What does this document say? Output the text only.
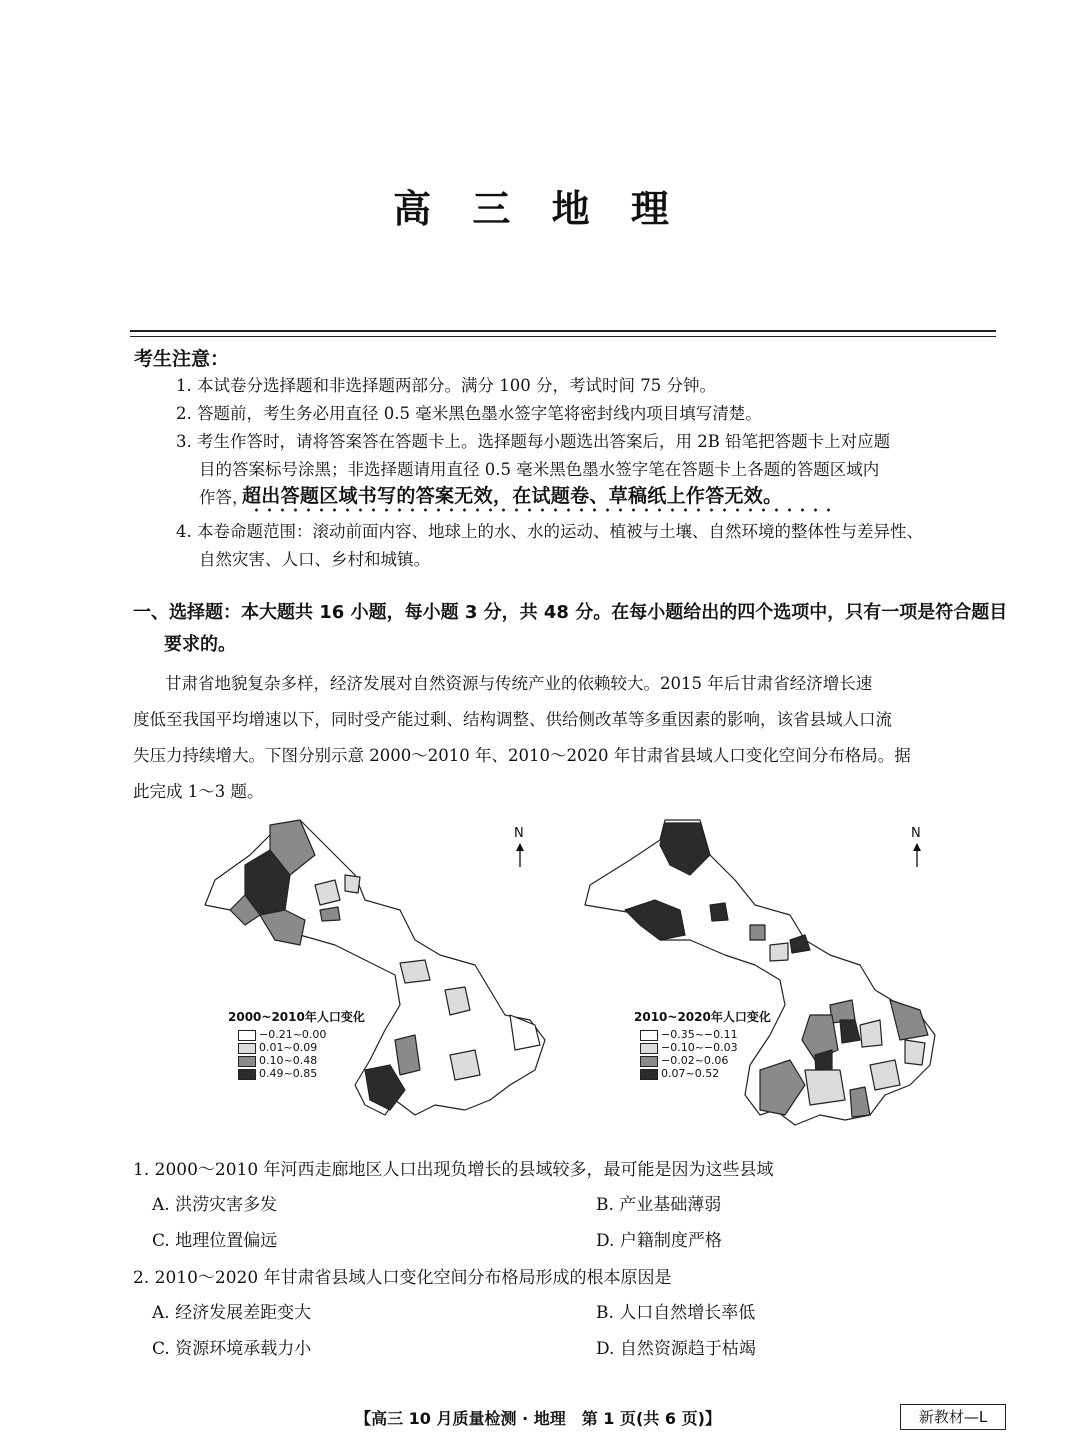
高 三 地 理
考生注意：
1. 本试卷分选择题和非选择题两部分。满分 100 分，考试时间 75 分钟。
2. 答题前，考生务必用直径 0.5 毫米黑色墨水签字笔将密封线内项目填写清楚。
3. 考生作答时，请将答案答在答题卡上。选择题每小题选出答案后，用 2B 铅笔把答题卡上对应题
目的答案标号涂黑；非选择题请用直径 0.5 毫米黑色墨水签字笔在答题卡上各题的答题区域内
作答，
超出答题区域书写的答案无效，在试题卷、草稿纸上作答无效。
4. 本卷命题范围：滚动前面内容、地球上的水、水的运动、植被与土壤、自然环境的整体性与差异性、
自然灾害、人口、乡村和城镇。
一、选择题：本大题共 16 小题，每小题 3 分，共 48 分。在每小题给出的四个选项中，只有一项是符合题目
要求的。
甘肃省地貌复杂多样，经济发展对自然资源与传统产业的依赖较大。2015 年后甘肃省经济增长速
度低至我国平均增速以下，同时受产能过剩、结构调整、供给侧改革等多重因素的影响，该省县域人口流
失压力持续增大。下图分别示意 2000～2010 年、2010～2020 年甘肃省县域人口变化空间分布格局。据
此完成 1～3 题。
2000~2010年人口变化
−0.21~0.00
0.01~0.09
0.10~0.48
0.49~0.85
N
2010~2020年人口变化
−0.35~−0.11
−0.10~−0.03
−0.02~0.06
0.07~0.52
N
1. 2000～2010 年河西走廊地区人口出现负增长的县域较多，最可能是因为这些县域
A. 洪涝灾害多发	B. 产业基础薄弱
C. 地理位置偏远	D. 户籍制度严格
2. 2010～2020 年甘肃省县域人口变化空间分布格局形成的根本原因是
A. 经济发展差距变大	B. 人口自然增长率低
C. 资源环境承载力小	D. 自然资源趋于枯竭
【高三 10 月质量检测 · 地理　第 1 页(共 6 页)】	新教材—L
